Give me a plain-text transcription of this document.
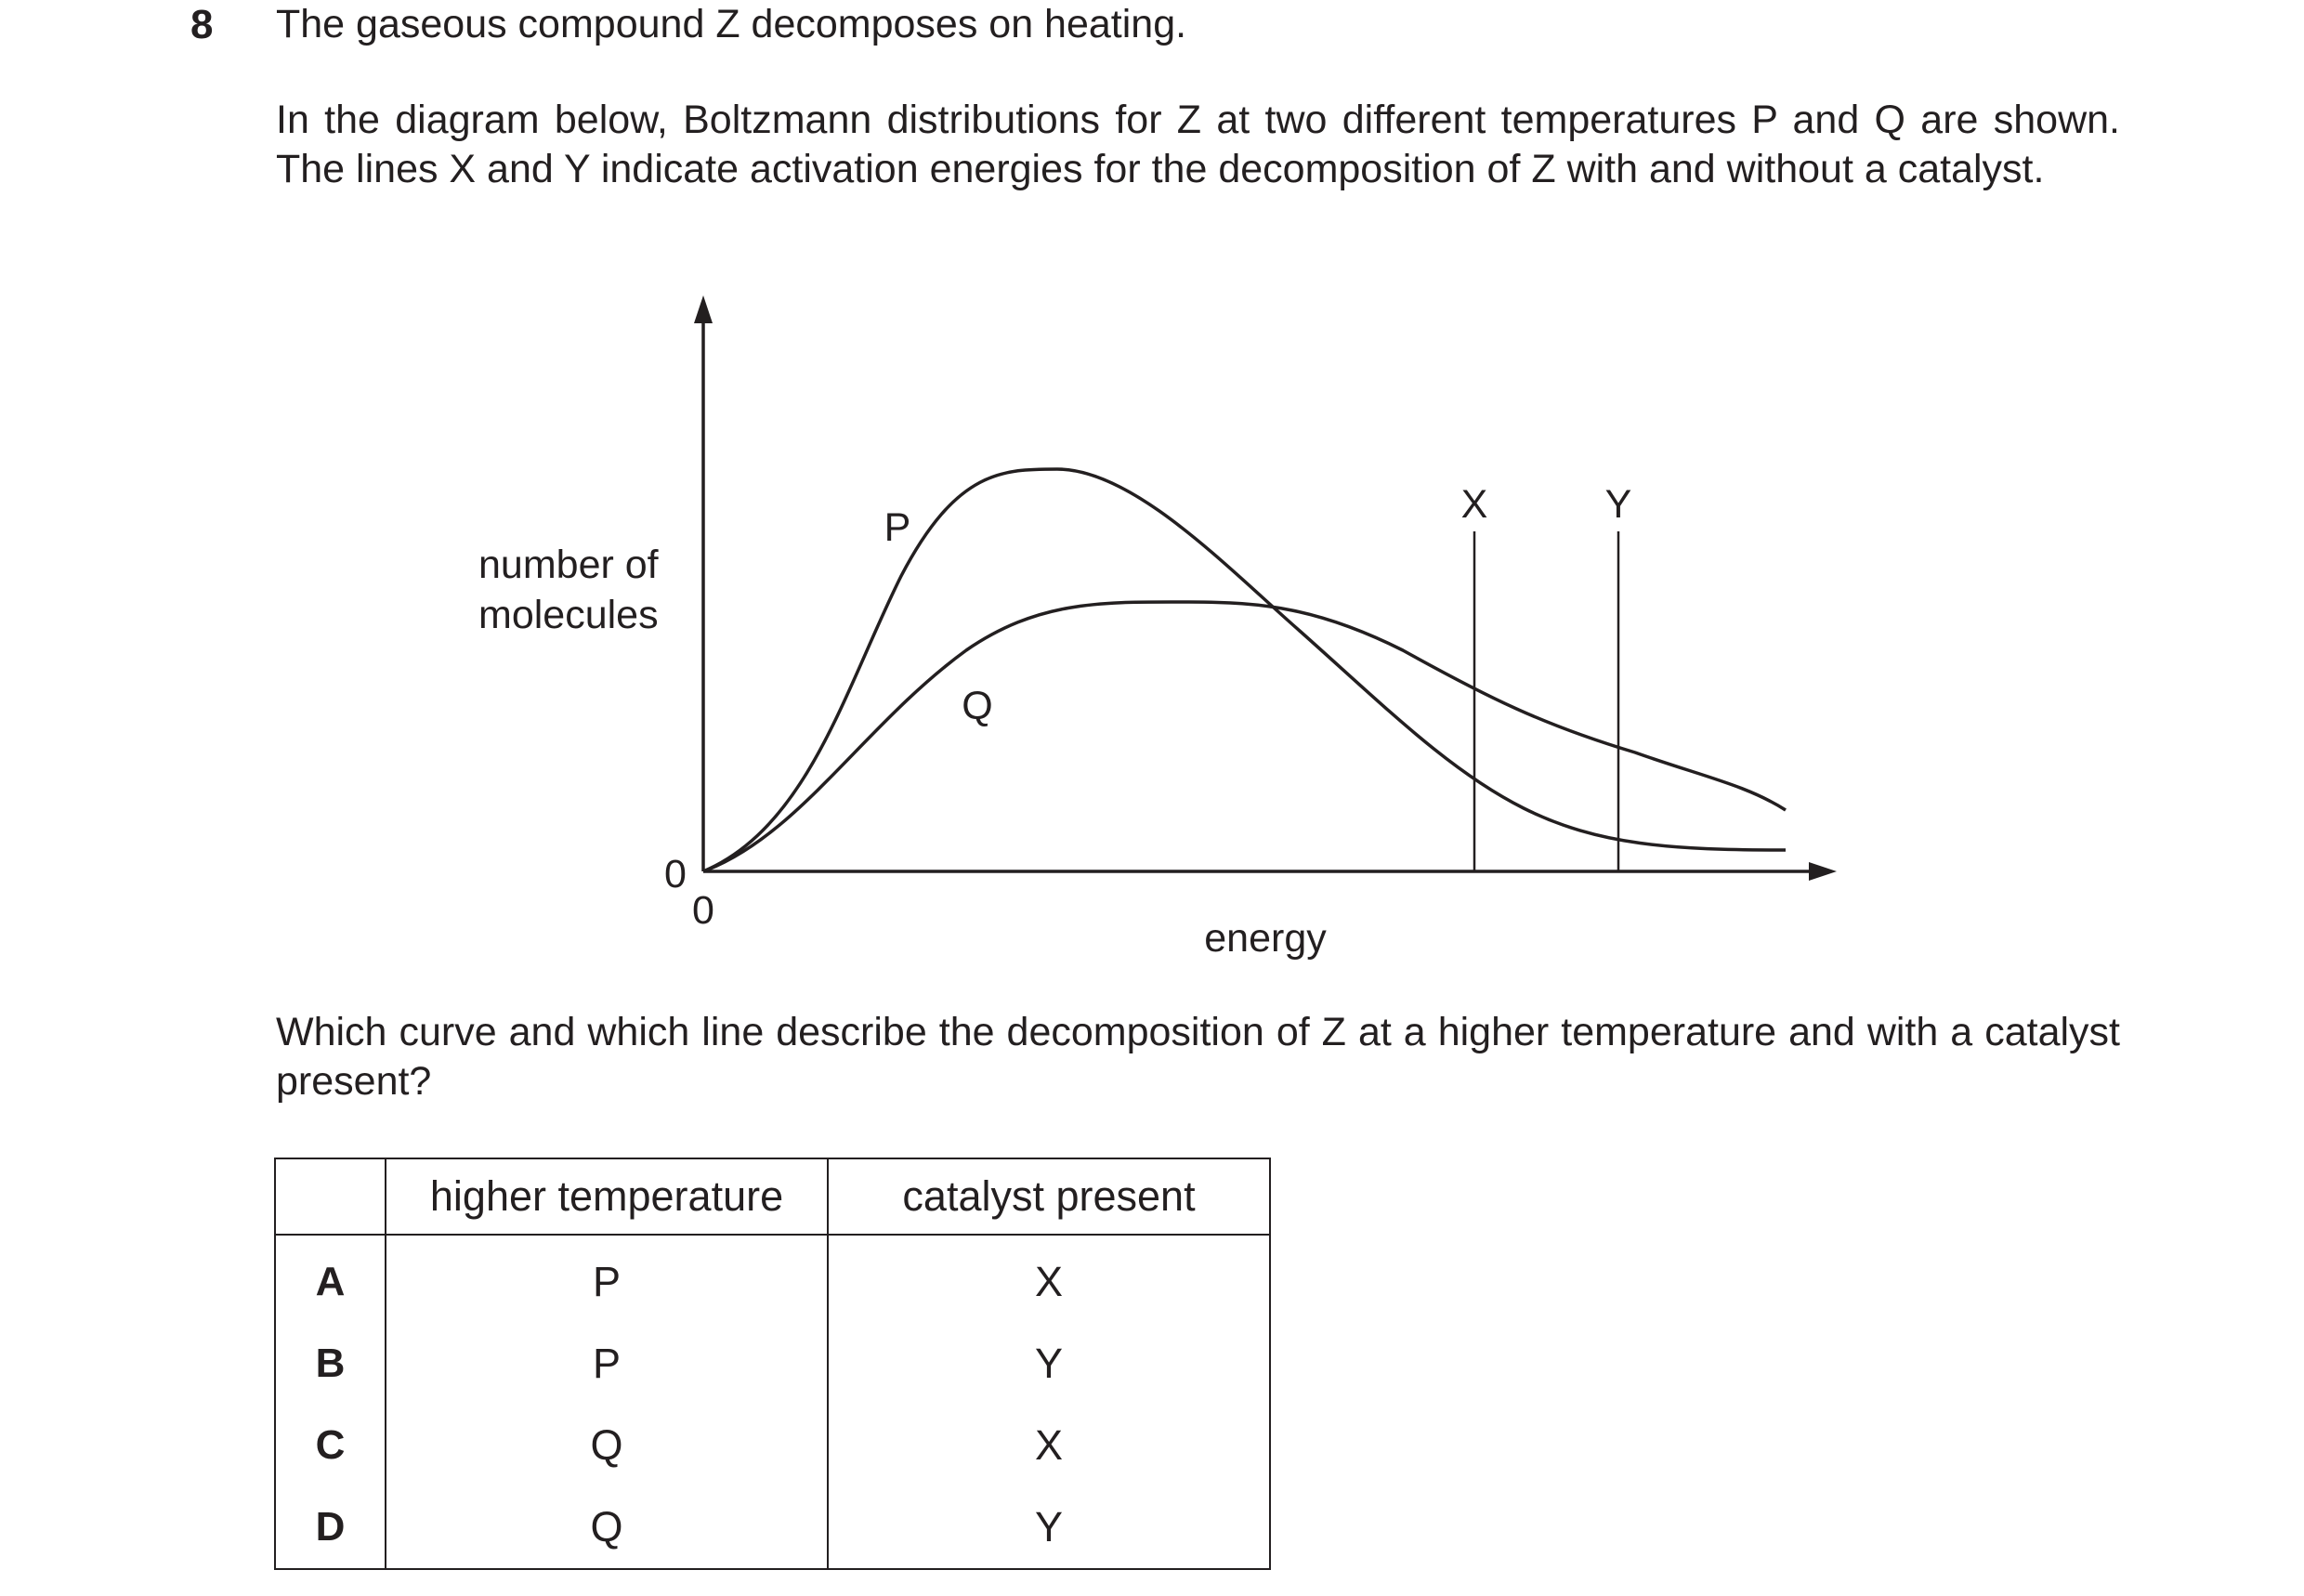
8 The gaseous compound Z decomposes on heating.

In the diagram below, Boltzmann distributions for Z at two different temperatures P and Q are shown. The lines X and Y indicate activation energies for the decomposition of Z with and without a catalyst.

number of
molecules
energy
0
0
P
Q
X	Y

Which curve and which line describe the decomposition of Z at a higher temperature and with a catalyst present?

	higher temperature	catalyst present
A	P	X
B	P	Y
C	Q	X
D	Q	Y
